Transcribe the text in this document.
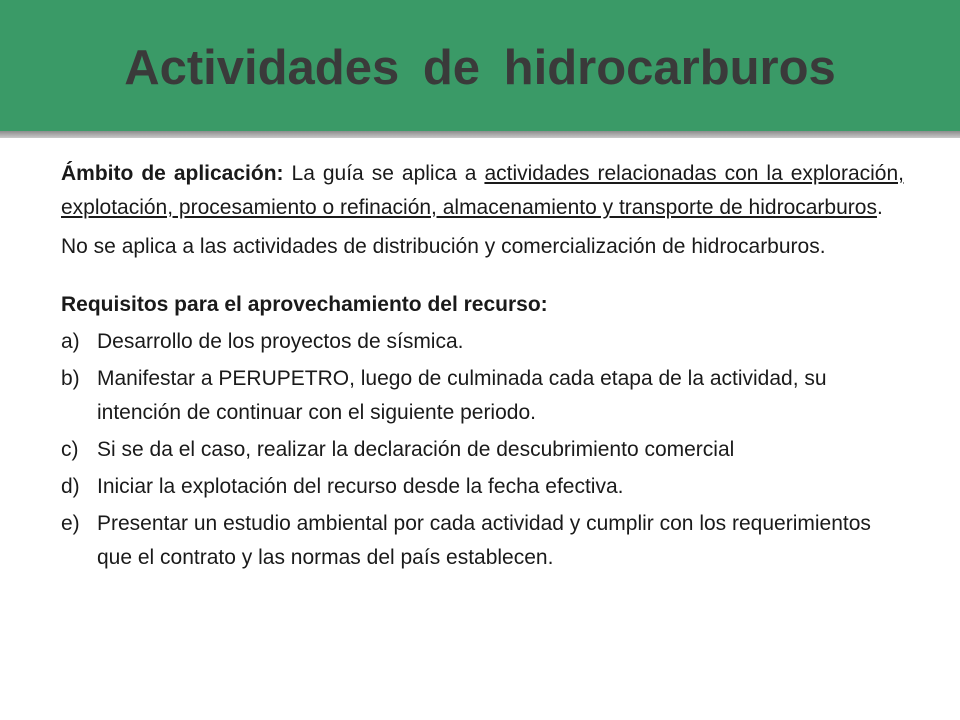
Actividades de hidrocarburos

Ámbito de aplicación: La guía se aplica a actividades relacionadas con la exploración, explotación, procesamiento o refinación, almacenamiento y transporte de hidrocarburos.

No se aplica a las actividades de distribución y comercialización de hidrocarburos.

Requisitos para el aprovechamiento del recurso:

a) Desarrollo de los proyectos de sísmica.
b) Manifestar a PERUPETRO, luego de culminada cada etapa de la actividad, su intención de continuar con el siguiente periodo.
c) Si se da el caso, realizar la declaración de descubrimiento comercial
d) Iniciar la explotación del recurso desde la fecha efectiva.
e) Presentar un estudio ambiental por cada actividad y cumplir con los requerimientos que el contrato y las normas del país establecen.
